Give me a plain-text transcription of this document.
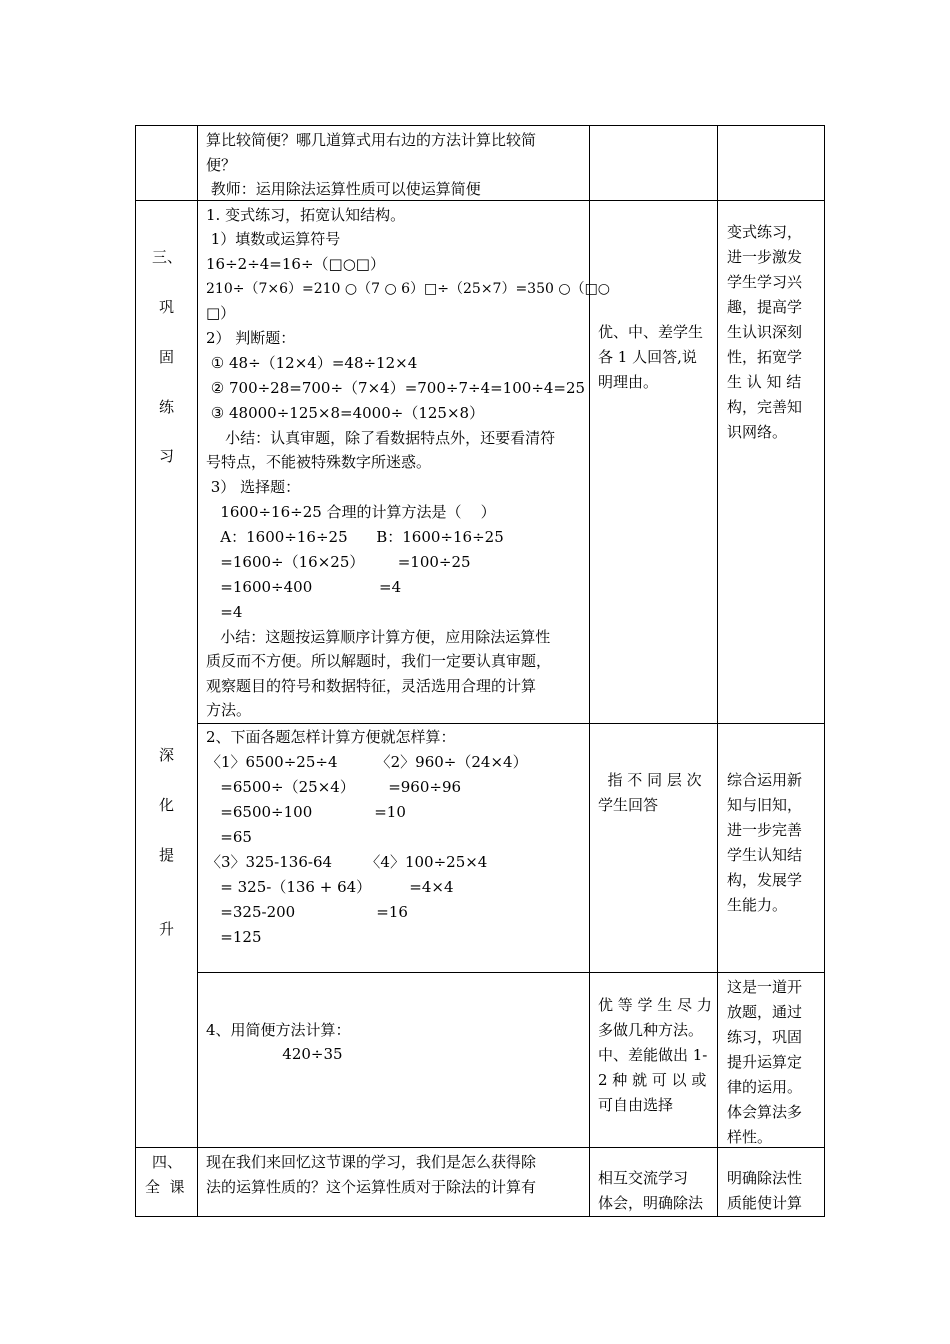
算比较简便？哪几道算式用右边的方法计算比较简
便？
教师：运用除法运算性质可以使运算简便
三、
巩
固
练
习
1. 变式练习，拓宽认知结构。
1）填数或运算符号
16÷2÷4=16÷（□○□）
210÷（7×6）=210 ○（7 ○ 6）□÷（25×7）=350 ○（□○
□）
2） 判断题：
① 48÷（12×4）=48÷12×4
② 700÷28=700÷（7×4）=700÷7÷4=100÷4=25
③ 48000÷125×8=4000÷（125×8）
小结：认真审题，除了看数据特点外，还要看清符
号特点，不能被特殊数字所迷惑。
3） 选择题：
1600÷16÷25 合理的计算方法是（    ）
A：1600÷16÷25      B：1600÷16÷25
=1600÷（16×25）       =100÷25
=1600÷400              =4
=4
小结：这题按运算顺序计算方便，应用除法运算性
质反而不方便。所以解题时，我们一定要认真审题，
观察题目的符号和数据特征，灵活选用合理的计算
方法。
优、中、差学生
各 1 人回答,说
明理由。
变式练习，
进一步激发
学生学习兴
趣，提高学
生认识深刻
性，拓宽学
生 认 知 结
构，完善知
识网络。
深
化
提
升
2、下面各题怎样计算方便就怎样算：
〈1〉6500÷25÷4        〈2〉960÷（24×4）
=6500÷（25×4）       =960÷96
=6500÷100             =10
=65
〈3〉325-136-64       〈4〉100÷25×4
= 325-（136 + 64）        =4×4
=325-200                 =16
=125
指 不 同 层 次
学生回答
综合运用新
知与旧知，
进一步完善
学生认知结
构，发展学
生能力。
4、用简便方法计算：
420÷35
优 等 学 生 尽 力
多做几种方法。
中、差能做出 1-
2 种 就 可 以 或
可自由选择
这是一道开
放题，通过
练习，巩固
提升运算定
律的运用。
体会算法多
样性。
四、
全  课
现在我们来回忆这节课的学习，我们是怎么获得除
法的运算性质的？这个运算性质对于除法的计算有	相互交流学习
体会，明确除法
明确除法性
质能使计算
